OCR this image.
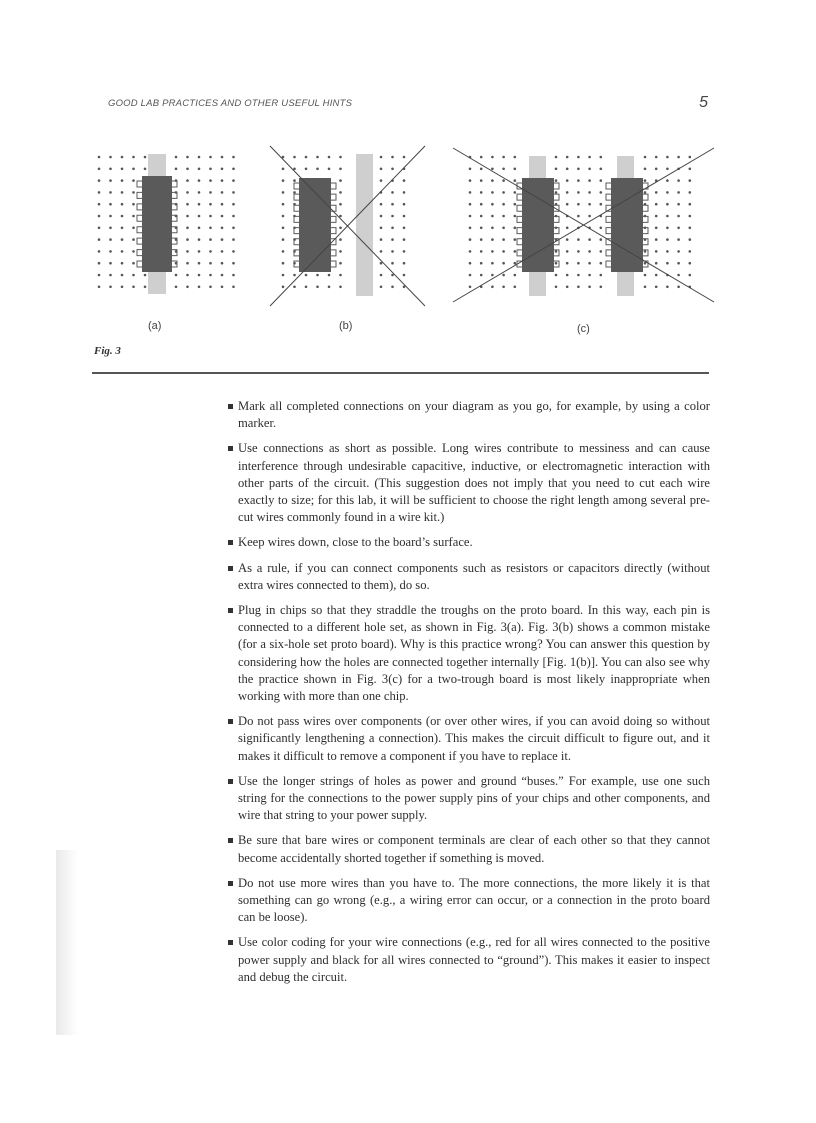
GOOD LAB PRACTICES AND OTHER USEFUL HINTS	5
(a)	(b)	(c)
Fig. 3
Mark all completed connections on your diagram as you go, for example, by using a color marker.
Use connections as short as possible. Long wires contribute to messiness and can cause interference through undesirable capacitive, inductive, or electromagnetic interaction with other parts of the circuit. (This suggestion does not imply that you need to cut each wire exactly to size; for this lab, it will be sufficient to choose the right length among several pre-cut wires commonly found in a wire kit.)
Keep wires down, close to the board’s surface.
As a rule, if you can connect components such as resistors or capacitors directly (without extra wires connected to them), do so.
Plug in chips so that they straddle the troughs on the proto board. In this way, each pin is connected to a different hole set, as shown in Fig. 3(a). Fig. 3(b) shows a common mistake (for a six-hole set proto board). Why is this practice wrong? You can answer this question by considering how the holes are connected together internally [Fig. 1(b)]. You can also see why the practice shown in Fig. 3(c) for a two-trough board is most likely inappropriate when working with more than one chip.
Do not pass wires over components (or over other wires, if you can avoid doing so without significantly lengthening a connection). This makes the circuit difficult to figure out, and it makes it difficult to remove a component if you have to replace it.
Use the longer strings of holes as power and ground “buses.” For example, use one such string for the connections to the power supply pins of your chips and other components, and wire that string to your power supply.
Be sure that bare wires or component terminals are clear of each other so that they cannot become accidentally shorted together if something is moved.
Do not use more wires than you have to. The more connections, the more likely it is that something can go wrong (e.g., a wiring error can occur, or a connection in the proto board can be loose).
Use color coding for your wire connections (e.g., red for all wires connected to the positive power supply and black for all wires connected to “ground”). This makes it easier to inspect and debug the circuit.
